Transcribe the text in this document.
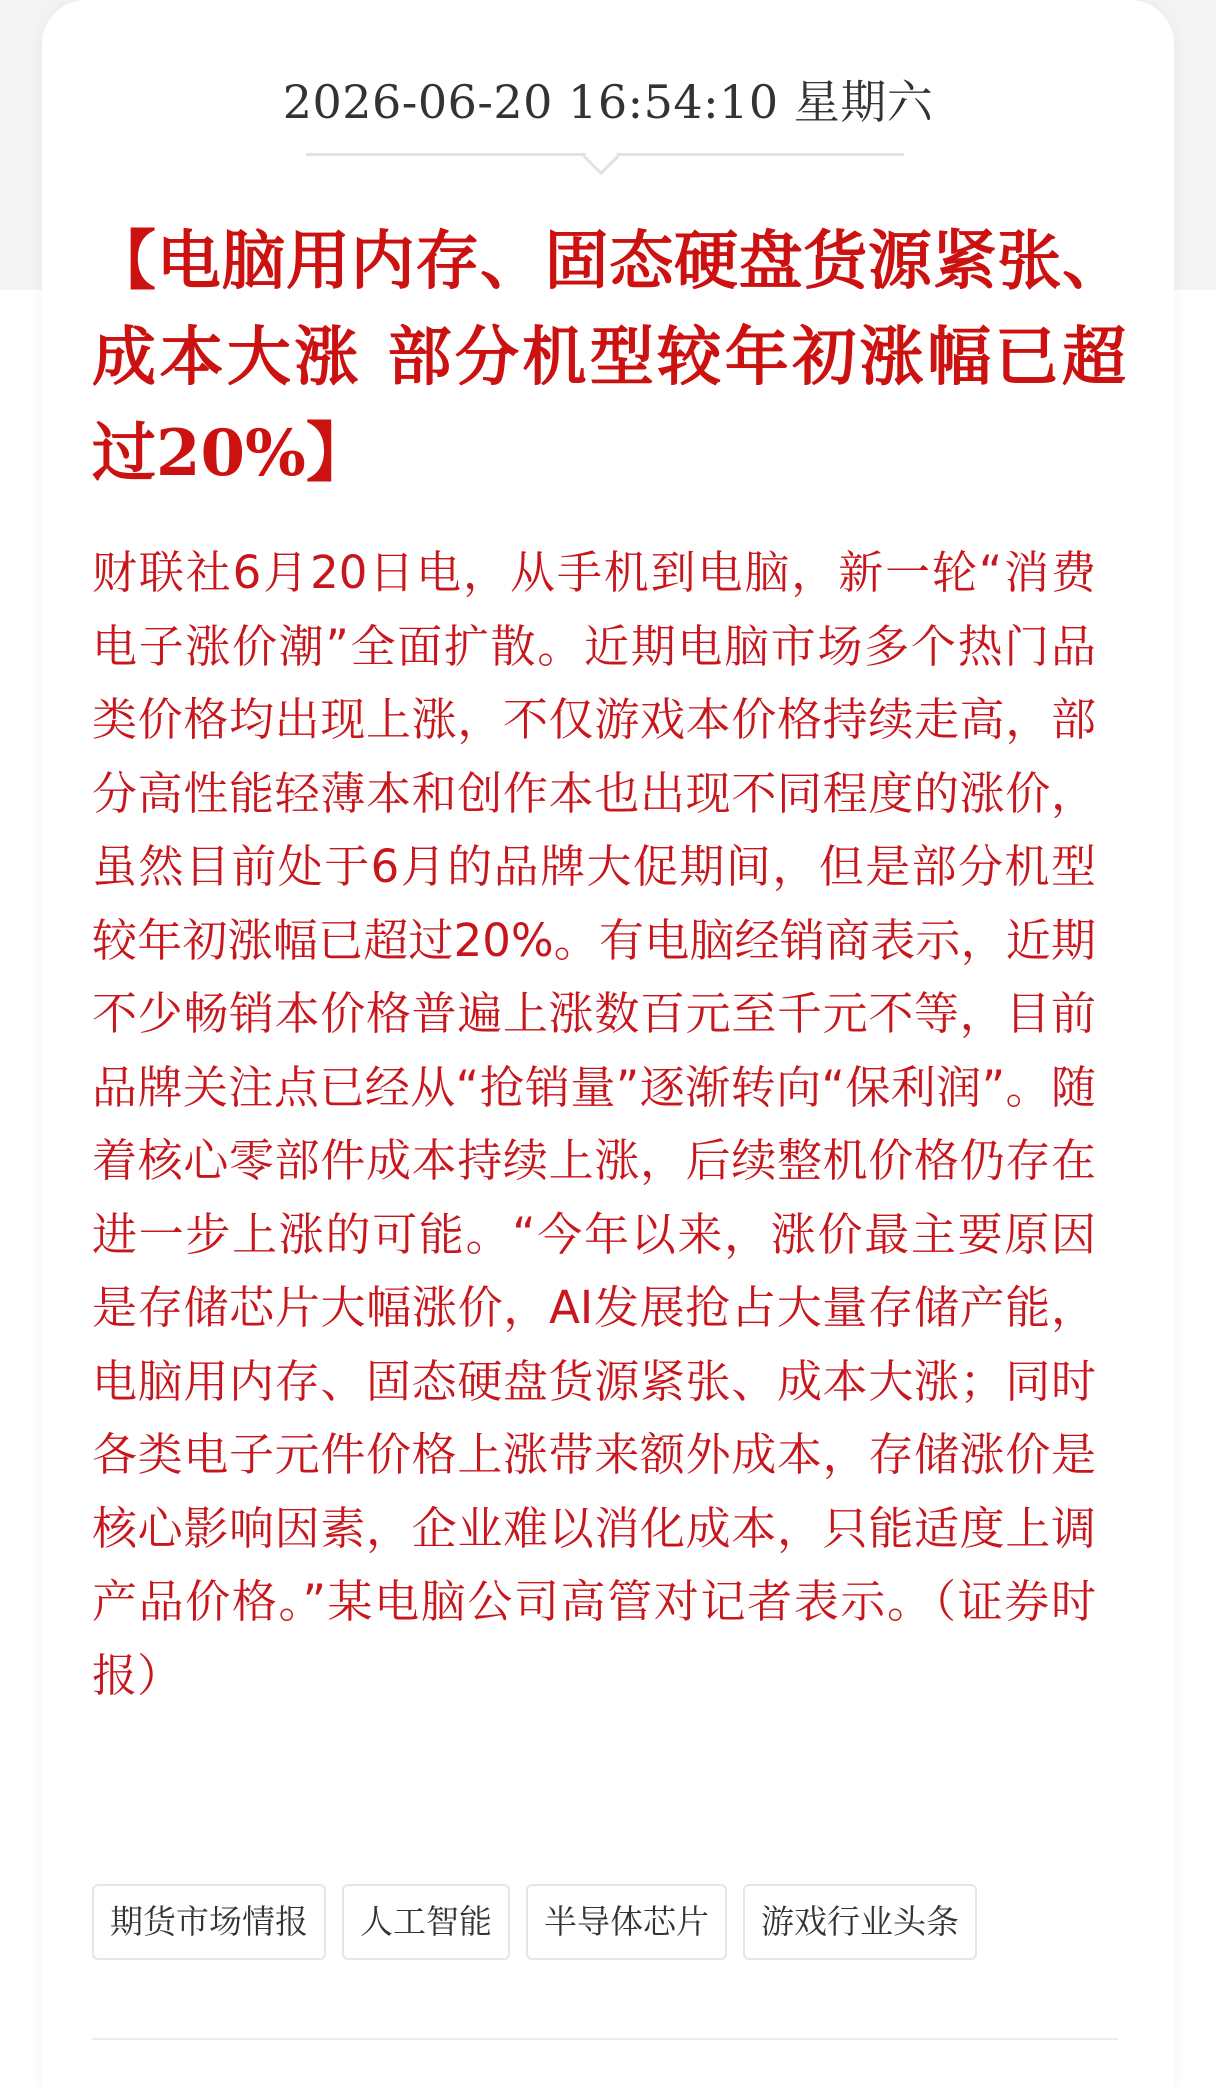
2026-06-20 16:54:10 星期六
【电脑用内存、固态硬盘货源紧张、成本大涨 部分机型较年初涨幅已超过20%】

财联社6月20日电，从手机到电脑，新一轮“消费电子涨价潮”全面扩散。近期电脑市场多个热门品类价格均出现上涨，不仅游戏本价格持续走高，部分高性能轻薄本和创作本也出现不同程度的涨价，虽然目前处于6月的品牌大促期间，但是部分机型较年初涨幅已超过20%。有电脑经销商表示，近期不少畅销本价格普遍上涨数百元至千元不等，目前品牌关注点已经从“抢销量”逐渐转向“保利润”。随着核心零部件成本持续上涨，后续整机价格仍存在进一步上涨的可能。“今年以来，涨价最主要原因是存储芯片大幅涨价，AI发展抢占大量存储产能，电脑用内存、固态硬盘货源紧张、成本大涨；同时各类电子元件价格上涨带来额外成本，存储涨价是核心影响因素，企业难以消化成本，只能适度上调产品价格。”某电脑公司高管对记者表示。（证券时报）

期货市场情报	人工智能	半导体芯片	游戏行业头条
